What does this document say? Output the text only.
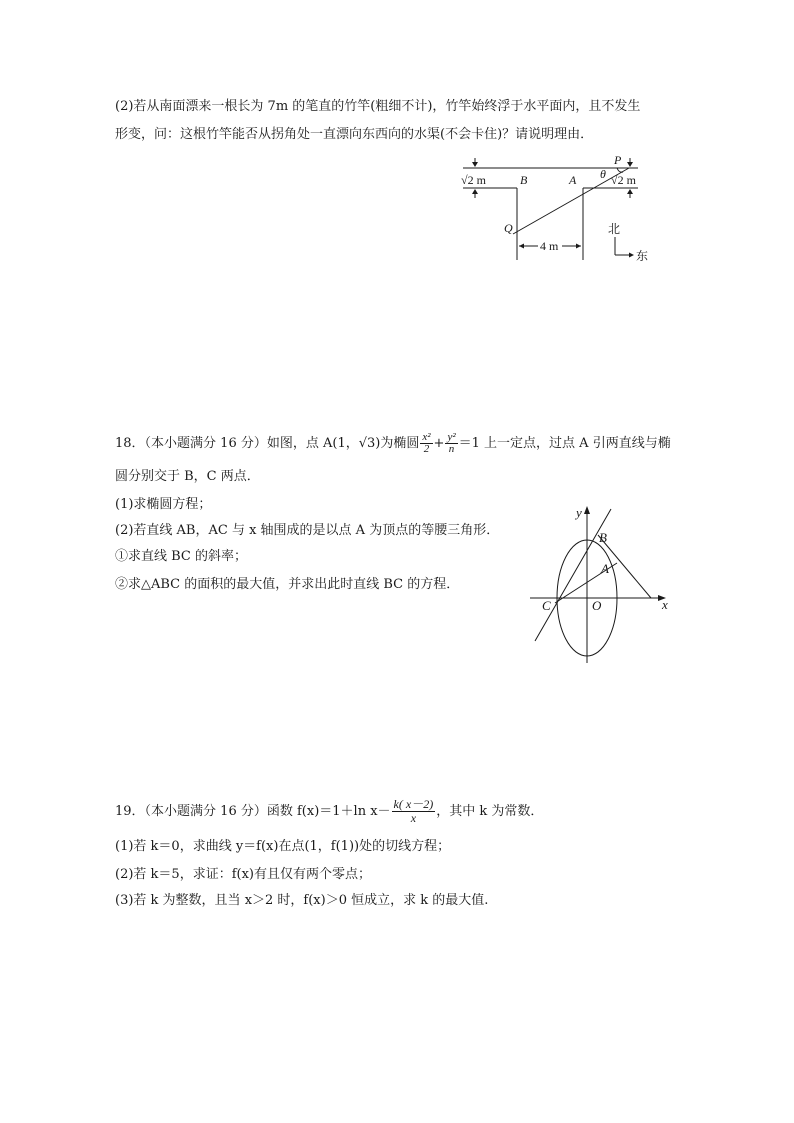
(2)若从南面漂来一根长为 7m 的笔直的竹竿(粗细不计)，竹竿始终浮于水平面内，且不发生
形变，问：这根竹竿能否从拐角处一直漂向东西向的水渠(不会卡住)？请说明理由．
√2 m	√2 m
4 m
B	A
P
Q
θ
北
东
18．（本小题满分 16 分）如图，点 A(1，√3)为椭圆 $\frac{\text{x²}}{2} + \frac{\text{y²}}{n} =1$ 上一定点，过点 A 引两直线与椭
圆分别交于 B，C 两点．
(1)求椭圆方程；
(2)若直线 AB，AC 与 x 轴围成的是以点 A 为顶点的等腰三角形．
①求直线 BC 的斜率；
②求△ABC 的面积的最大值，并求出此时直线 BC 的方程．
y
x
B
A
C	O
19．（本小题满分 16 分）函数 f(x)＝1＋ln $x- \frac{k( x-2)}{x}$ ，其中 k 为常数．
(1)若 k＝0，求曲线 y＝f(x)在点(1，f(1))处的切线方程；
(2)若 k＝5，求证：f(x)有且仅有两个零点；
(3)若 k 为整数，且当 x＞2 时，f(x)＞0 恒成立，求 k 的最大值.
